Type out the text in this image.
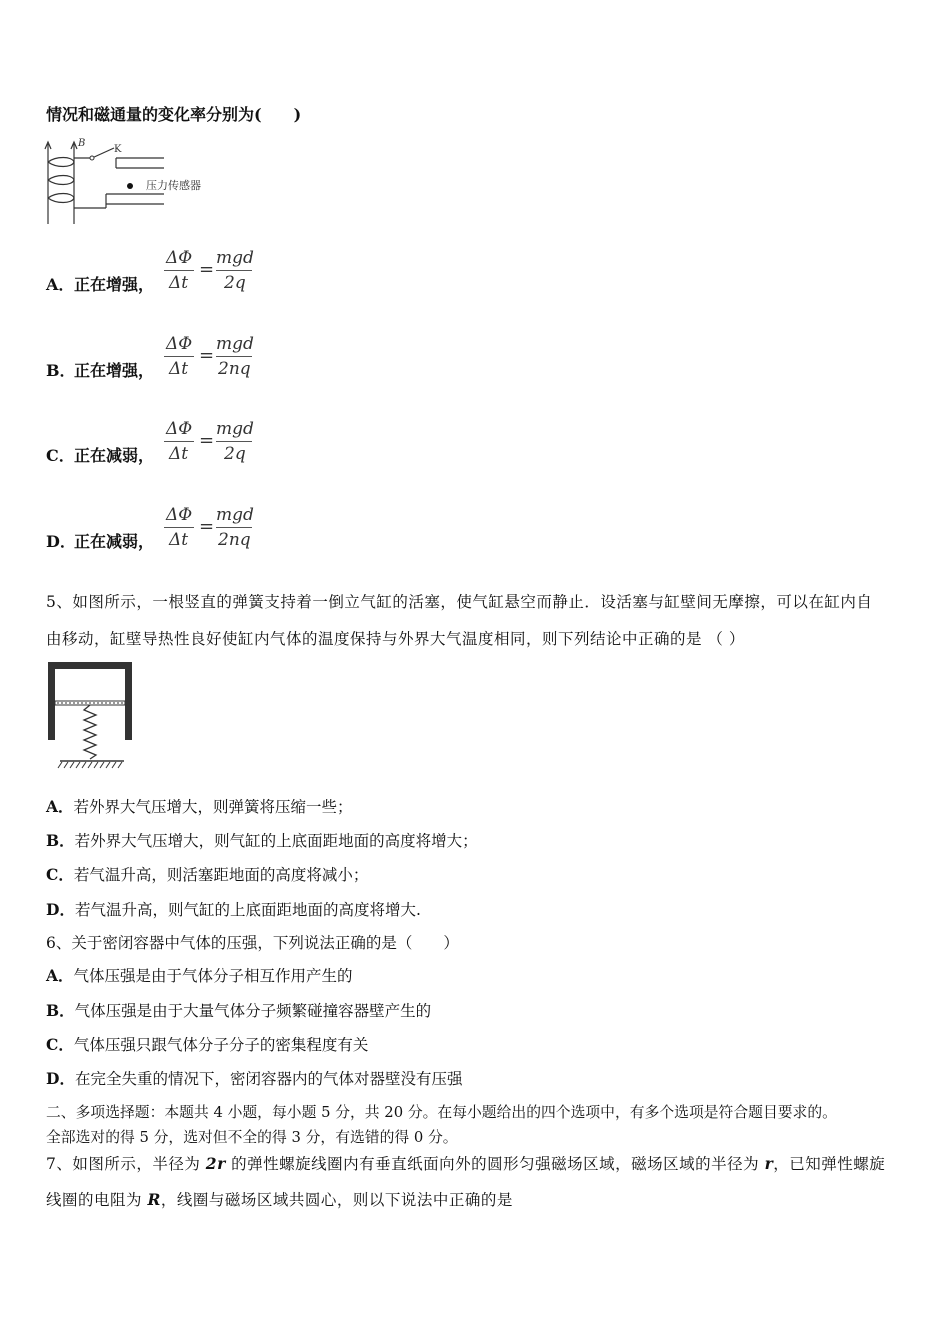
情况和磁通量的变化率分别为(　　)
B
K
压力传感器
A． 正在增强，
ΔΦ
Δt
=
mgd
2q
B．
正在增强，
ΔΦ
Δt
=
mgd
2nq
C． 正在减弱，
ΔΦ
Δt
=
mgd
2q
D．
正在减弱，
ΔΦ
Δt
=
mgd
2nq
5、如图所示，一根竖直的弹簧支持着一倒立气缸的活塞，使气缸悬空而静止．设活塞与缸壁间无摩擦，可以在缸内自
由移动，缸壁导热性良好使缸内气体的温度保持与外界大气温度相同，则下列结论中正确的是 （ ）
A．若外界大气压增大，则弹簧将压缩一些；
B．若外界大气压增大，则气缸的上底面距地面的高度将增大；
C．若气温升高，则活塞距地面的高度将减小；
D．若气温升高，则气缸的上底面距地面的高度将增大.
6、关于密闭容器中气体的压强，下列说法正确的是（　　）
A．气体压强是由于气体分子相互作用产生的
B．气体压强是由于大量气体分子频繁碰撞容器壁产生的
C．气体压强只跟气体分子分子的密集程度有关
D．在完全失重的情况下，密闭容器内的气体对器壁没有压强
二、多项选择题：本题共 4 小题，每小题 5 分，共 20 分。在每小题给出的四个选项中，有多个选项是符合题目要求的。
全部选对的得 5 分，选对但不全的得 3 分，有选错的得 0 分。
7、如图所示，半径为 2r 的弹性螺旋线圈内有垂直纸面向外的圆形匀强磁场区域，磁场区域的半径为 r，已知弹性螺旋
线圈的电阻为 R，线圈与磁场区域共圆心，则以下说法中正确的是
